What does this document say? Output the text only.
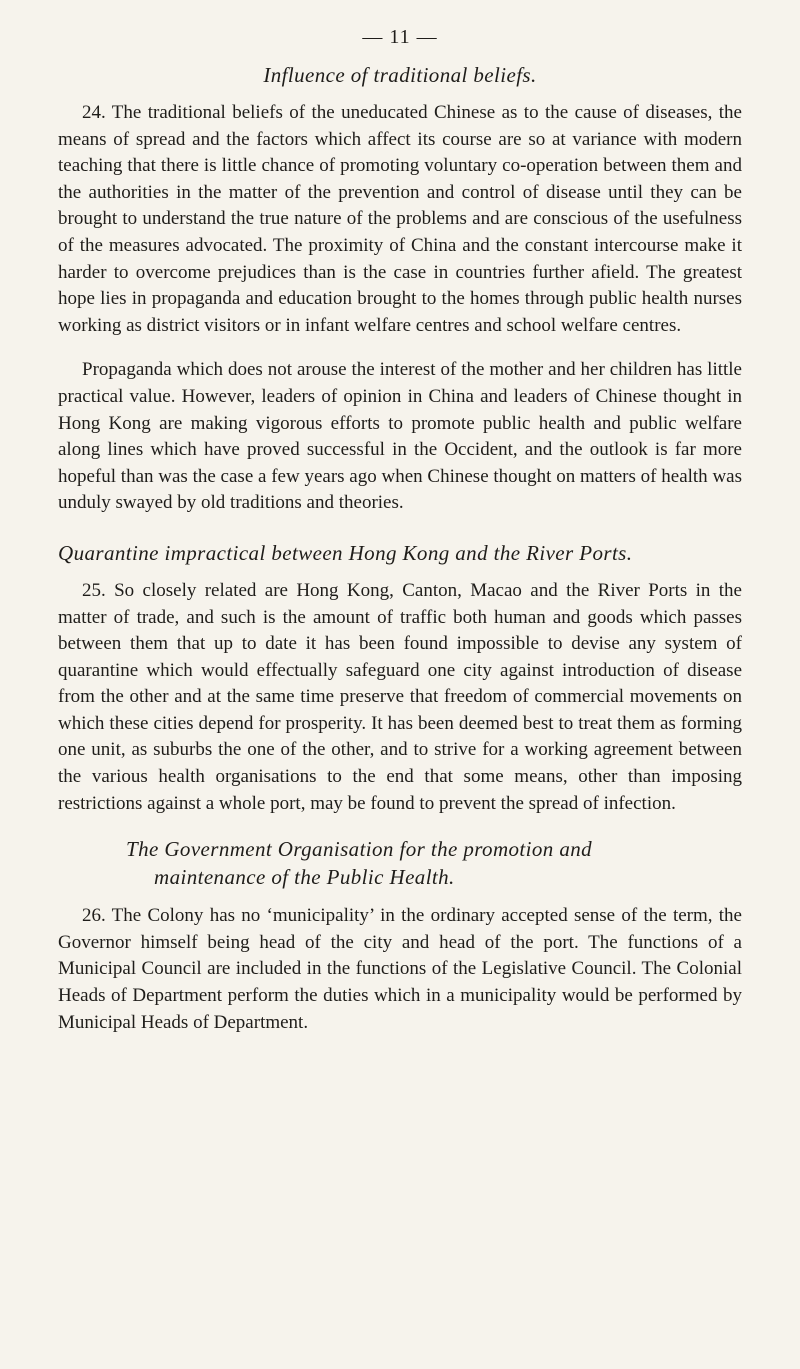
— 11 —
Influence of traditional beliefs.

24. The traditional beliefs of the uneducated Chinese as to the cause of diseases, the means of spread and the factors which affect its course are so at variance with modern teaching that there is little chance of promoting voluntary co-operation between them and the authorities in the matter of the prevention and control of disease until they can be brought to understand the true nature of the problems and are conscious of the usefulness of the measures advocated. The proximity of China and the constant intercourse make it harder to overcome prejudices than is the case in countries further afield. The greatest hope lies in propaganda and education brought to the homes through public health nurses working as district visitors or in infant welfare centres and school welfare centres.

Propaganda which does not arouse the interest of the mother and her children has little practical value. However, leaders of opinion in China and leaders of Chinese thought in Hong Kong are making vigorous efforts to promote public health and public welfare along lines which have proved successful in the Occident, and the outlook is far more hopeful than was the case a few years ago when Chinese thought on matters of health was unduly swayed by old traditions and theories.

Quarantine impractical between Hong Kong and the River Ports.

25. So closely related are Hong Kong, Canton, Macao and the River Ports in the matter of trade, and such is the amount of traffic both human and goods which passes between them that up to date it has been found impossible to devise any system of quarantine which would effectually safeguard one city against introduction of disease from the other and at the same time preserve that freedom of commercial movements on which these cities depend for prosperity. It has been deemed best to treat them as forming one unit, as suburbs the one of the other, and to strive for a working agreement between the various health organisations to the end that some means, other than imposing restrictions against a whole port, may be found to prevent the spread of infection.

The Government Organisation for the promotion and
maintenance of the Public Health.

26. The Colony has no ‘municipality’ in the ordinary accepted sense of the term, the Governor himself being head of the city and head of the port. The functions of a Municipal Council are included in the functions of the Legislative Council. The Colonial Heads of Department perform the duties which in a municipality would be performed by Municipal Heads of Department.
